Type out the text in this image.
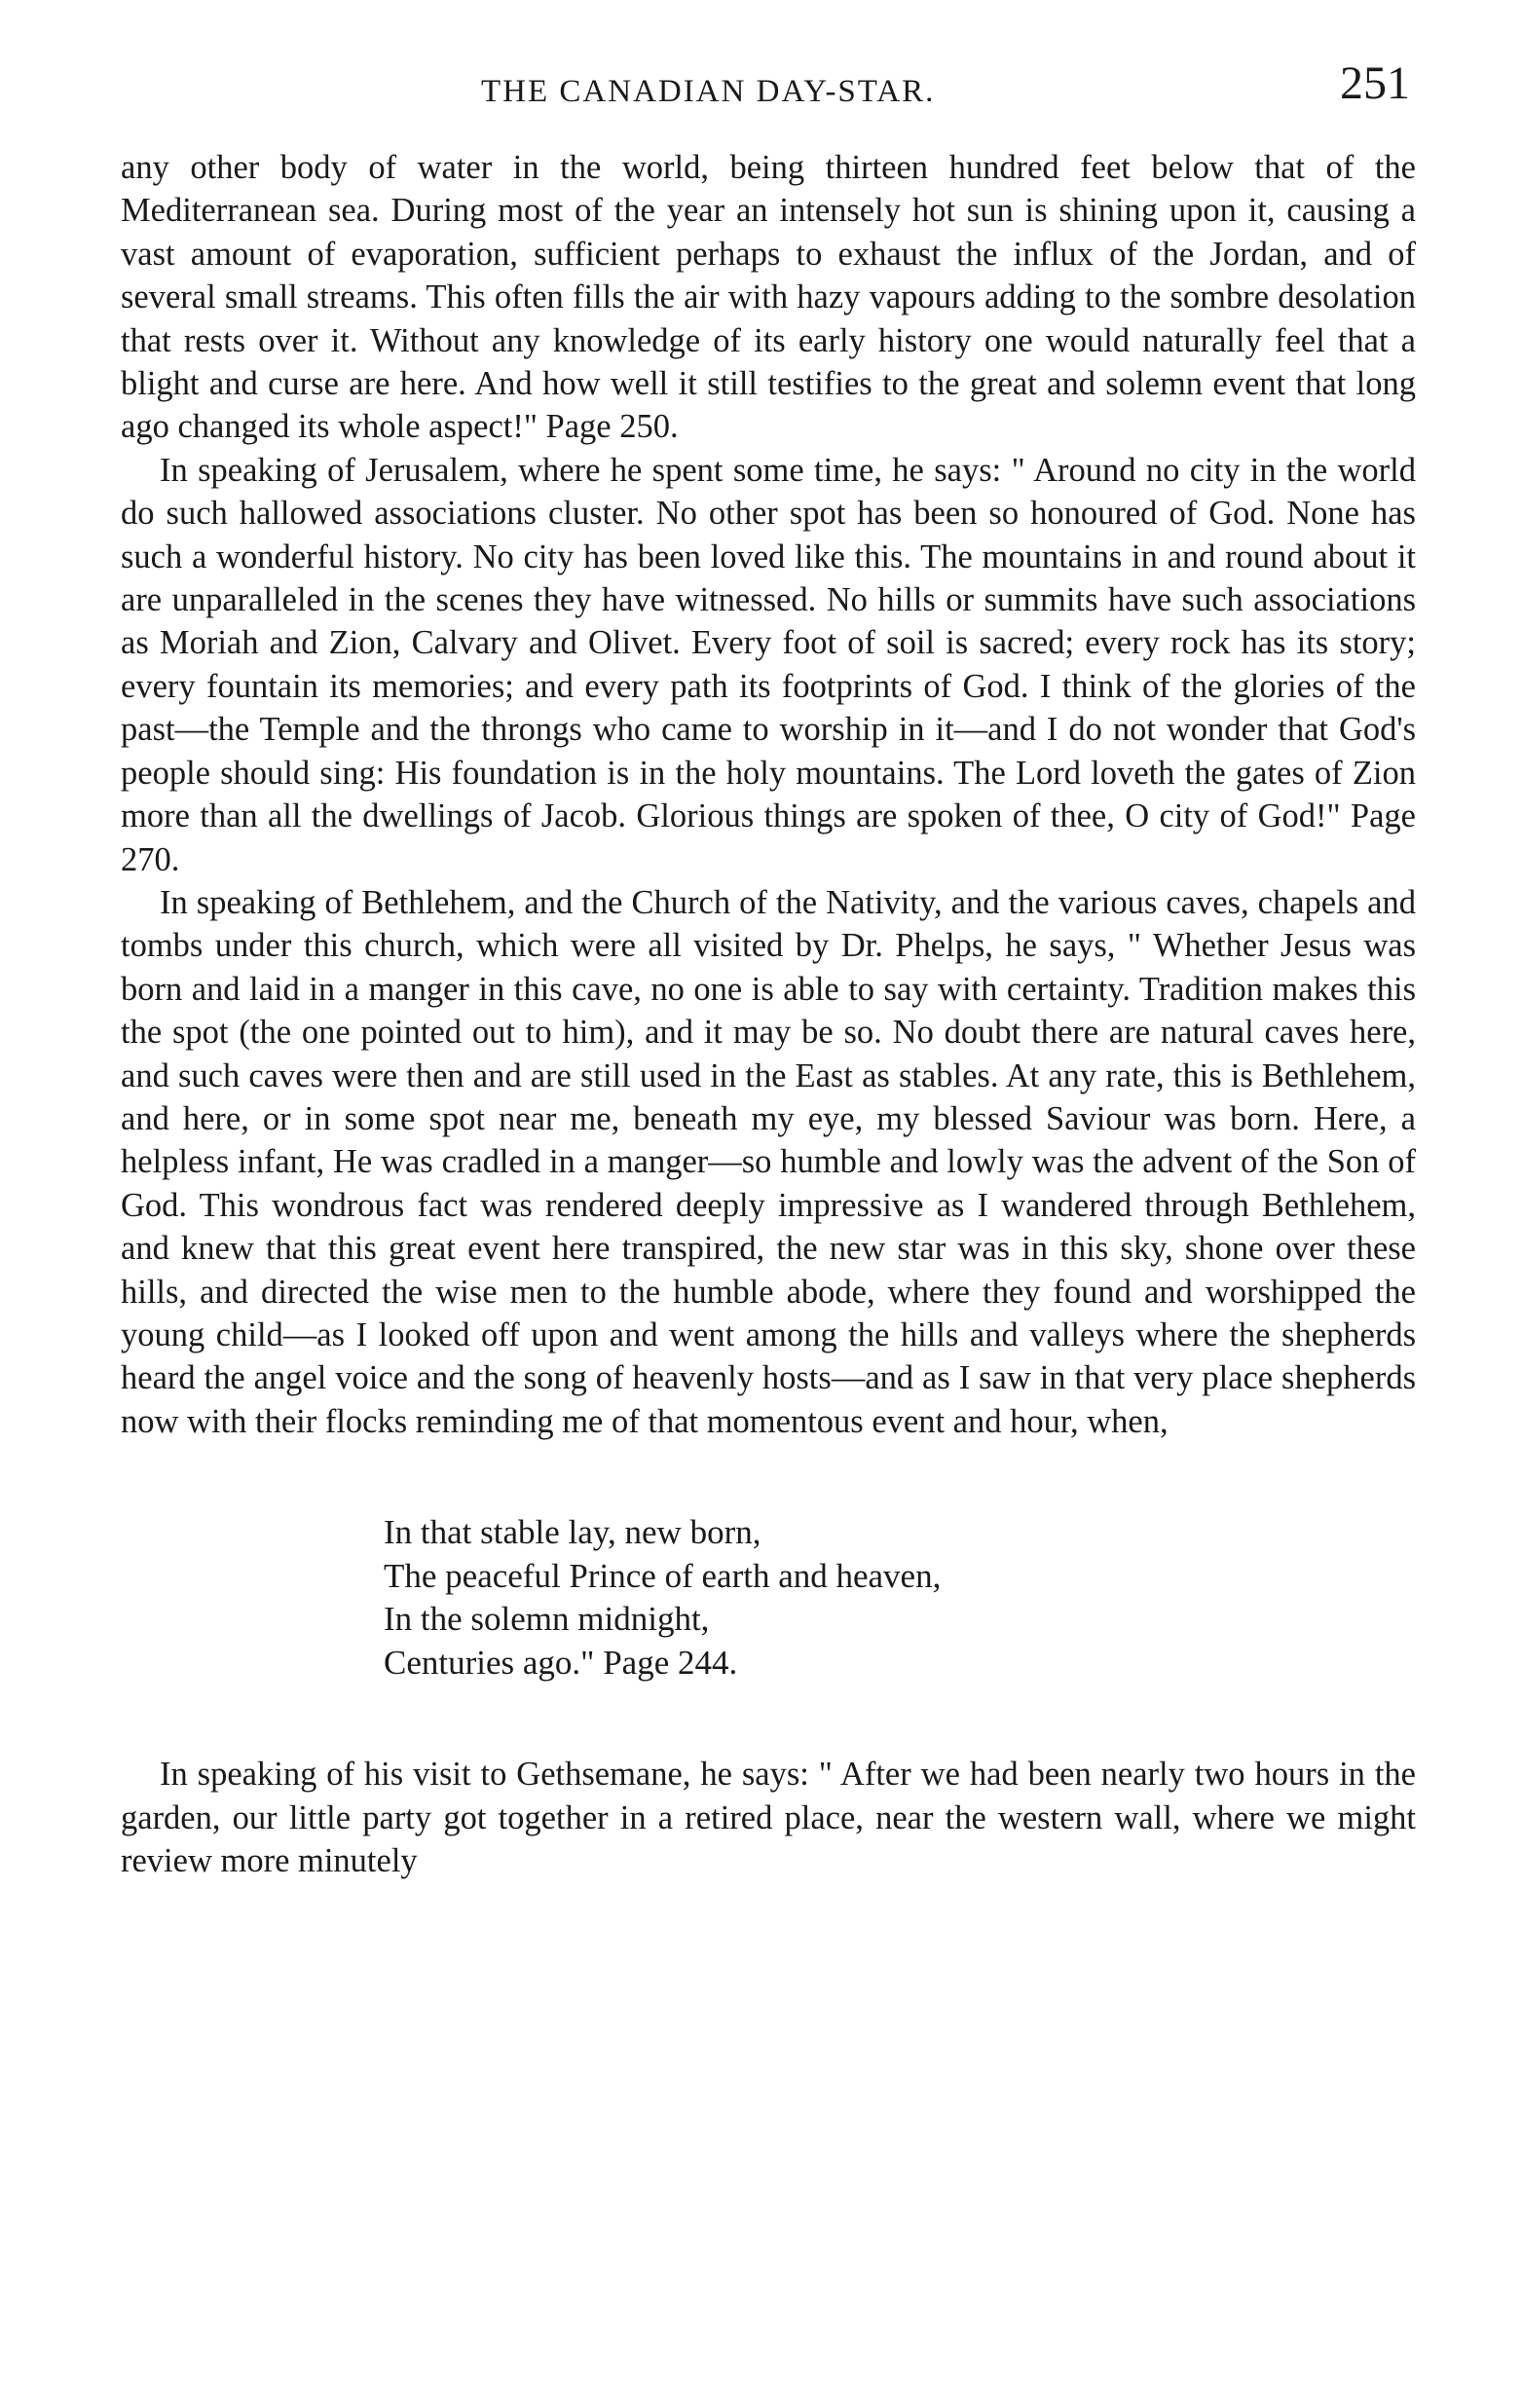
THE CANADIAN DAY-STAR.	251

any other body of water in the world, being thirteen hundred feet below that of the Mediterranean sea. During most of the year an intensely hot sun is shining upon it, causing a vast amount of evaporation, sufficient perhaps to exhaust the influx of the Jordan, and of several small streams. This often fills the air with hazy vapours adding to the sombre desolation that rests over it. Without any knowledge of its early history one would naturally feel that a blight and curse are here. And how well it still testifies to the great and solemn event that long ago changed its whole aspect!" Page 250.

In speaking of Jerusalem, where he spent some time, he says: " Around no city in the world do such hallowed associations cluster. No other spot has been so honoured of God. None has such a wonderful history. No city has been loved like this. The mountains in and round about it are unparalleled in the scenes they have witnessed. No hills or summits have such associations as Moriah and Zion, Calvary and Olivet. Every foot of soil is sacred; every rock has its story; every fountain its memories; and every path its footprints of God. I think of the glories of the past—the Temple and the throngs who came to worship in it—and I do not wonder that God's people should sing: His foundation is in the holy mountains. The Lord loveth the gates of Zion more than all the dwellings of Jacob. Glorious things are spoken of thee, O city of God!" Page 270.

In speaking of Bethlehem, and the Church of the Nativity, and the various caves, chapels and tombs under this church, which were all visited by Dr. Phelps, he says, " Whether Jesus was born and laid in a manger in this cave, no one is able to say with certainty. Tradition makes this the spot (the one pointed out to him), and it may be so. No doubt there are natural caves here, and such caves were then and are still used in the East as stables. At any rate, this is Bethlehem, and here, or in some spot near me, beneath my eye, my blessed Saviour was born. Here, a helpless infant, He was cradled in a manger—so humble and lowly was the advent of the Son of God. This wondrous fact was rendered deeply impressive as I wandered through Bethlehem, and knew that this great event here transpired, the new star was in this sky, shone over these hills, and directed the wise men to the humble abode, where they found and worshipped the young child—as I looked off upon and went among the hills and valleys where the shepherds heard the angel voice and the song of heavenly hosts—and as I saw in that very place shepherds now with their flocks reminding me of that momentous event and hour, when,

In that stable lay, new born,
The peaceful Prince of earth and heaven,
In the solemn midnight,
Centuries ago." Page 244.

In speaking of his visit to Gethsemane, he says: " After we had been nearly two hours in the garden, our little party got together in a retired place, near the western wall, where we might review more minutely
